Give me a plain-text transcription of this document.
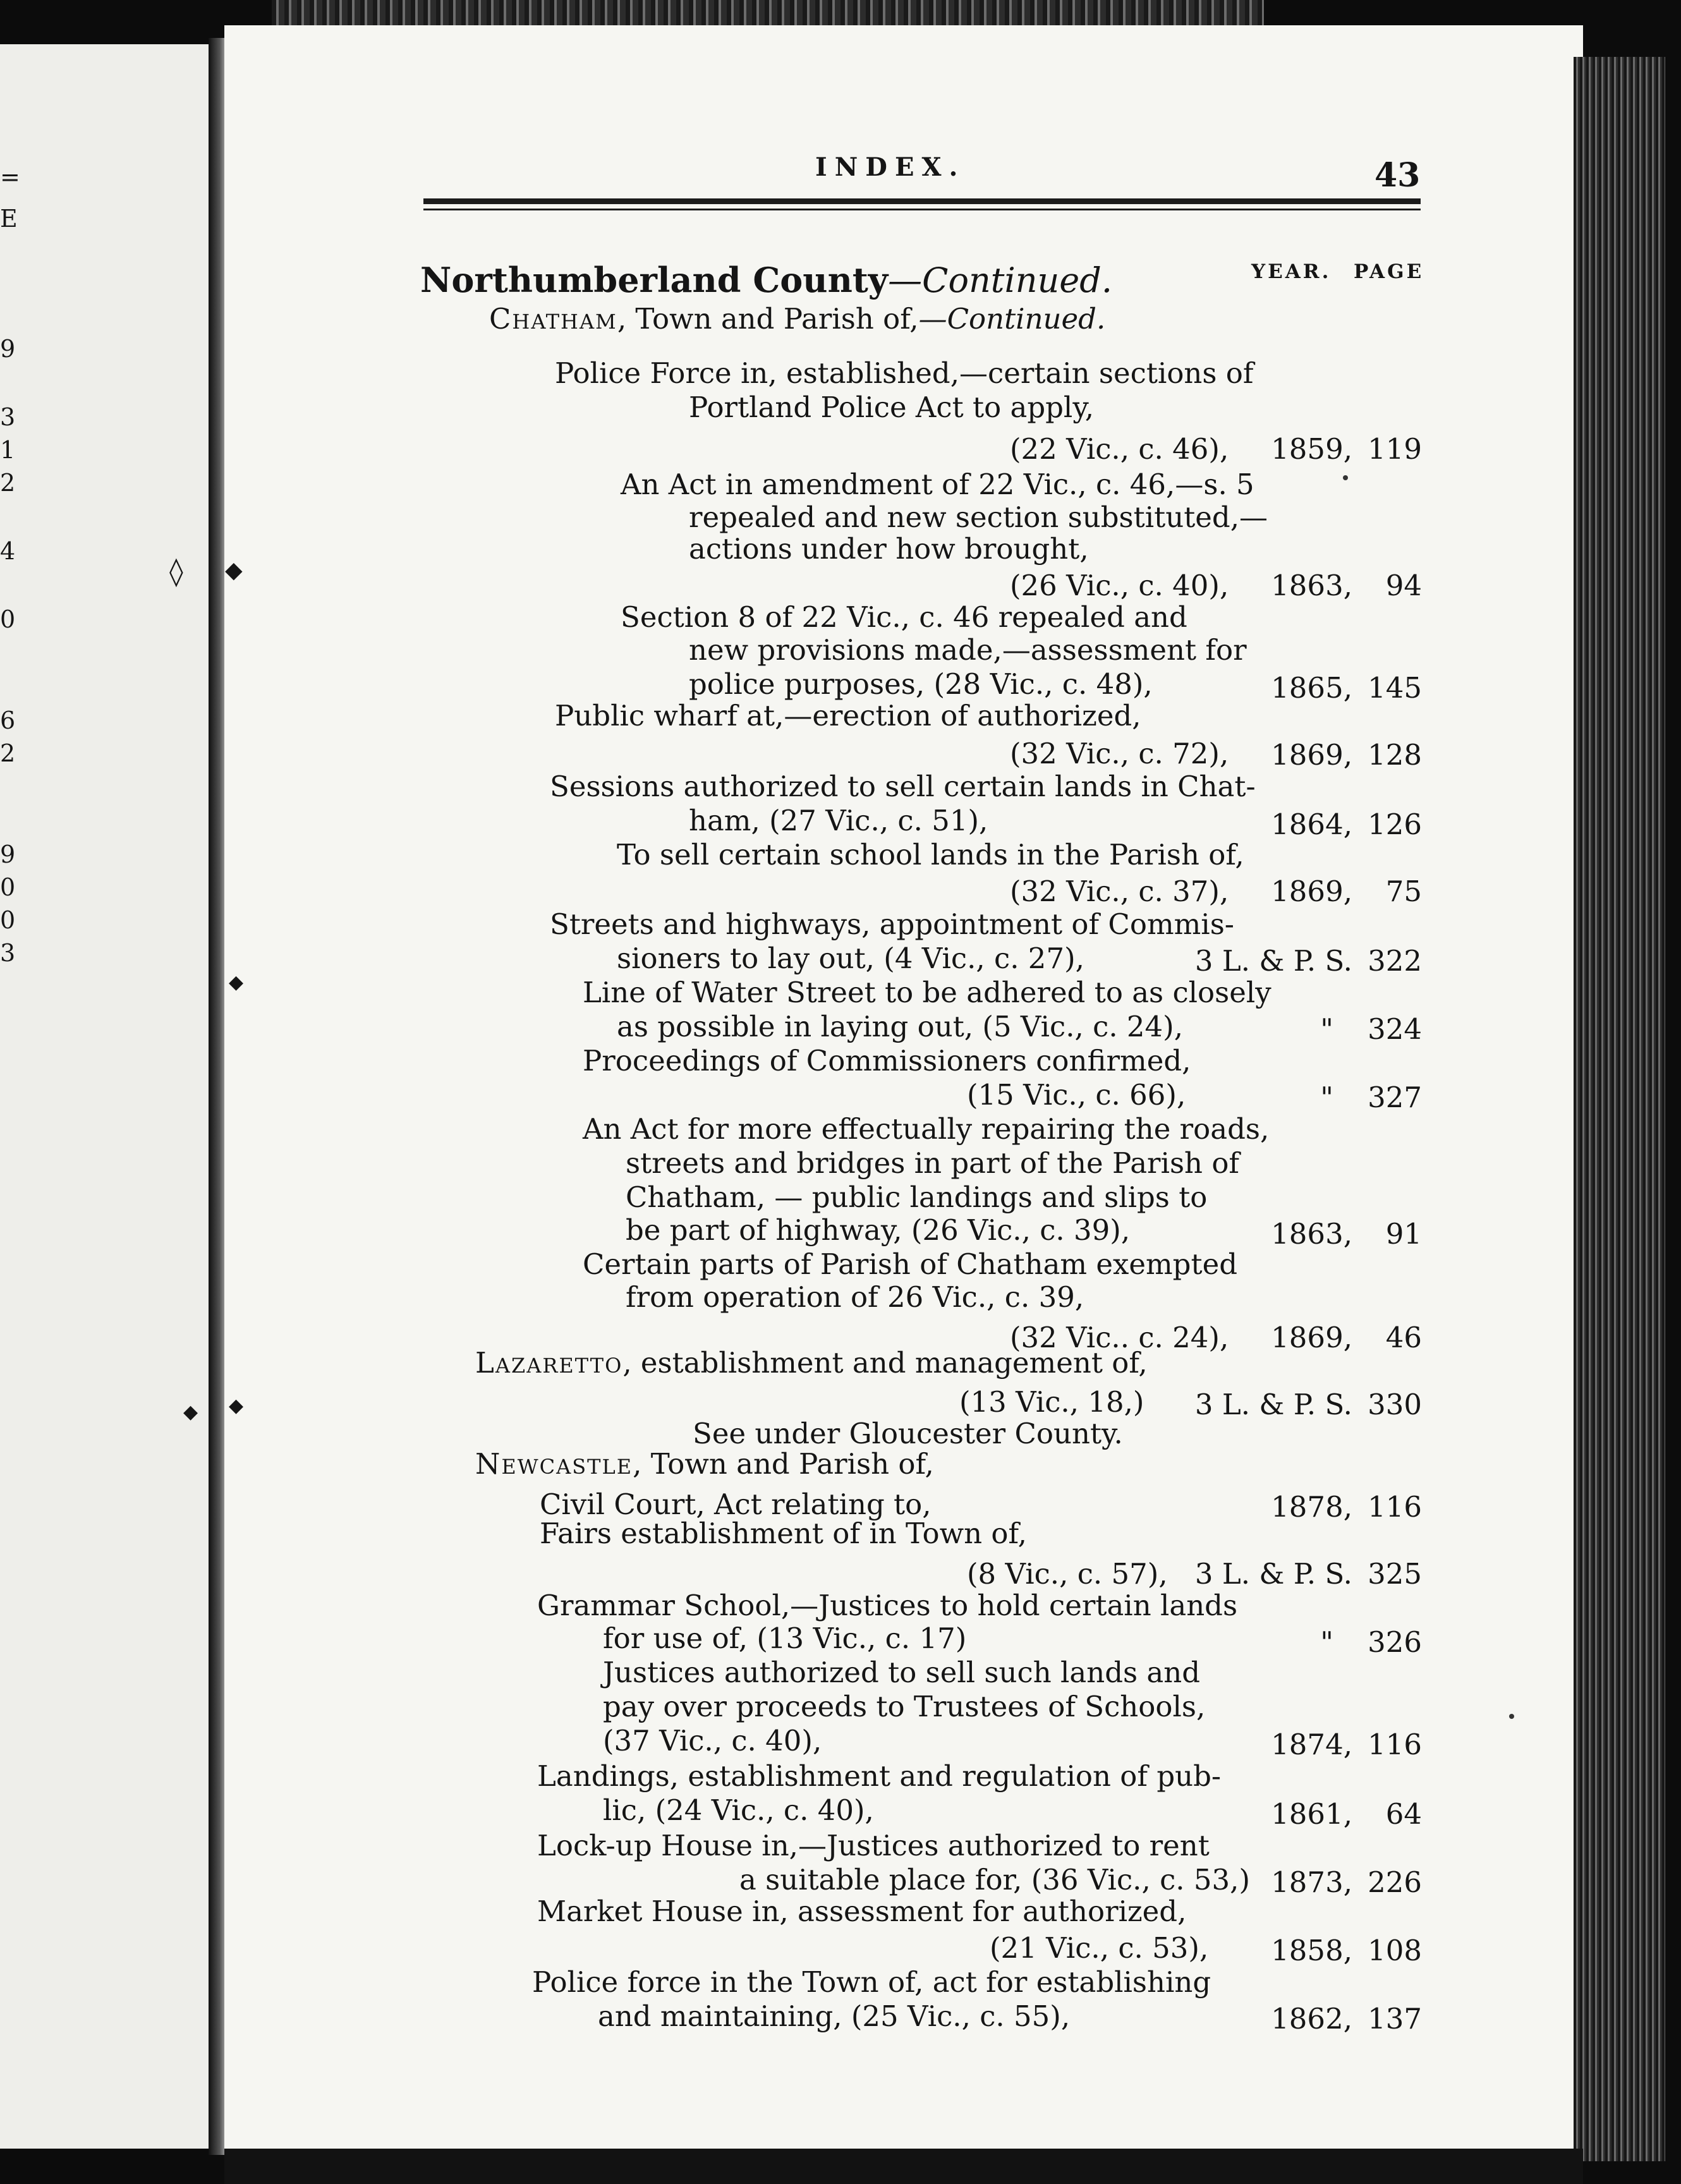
=
E
9
3
1
2
4
0
6
2
9
0
0
3
◊ ◆
◆
◆ ◆
INDEX.	43
YEAR. PAGE
Northumberland County—Continued.
Chatham, Town and Parish of,—Continued.
Police Force in, established,—certain sections of
Portland Police Act to apply,
(22 Vic., c. 46),	1859, 119
An Act in amendment of 22 Vic., c. 46,—s. 5
repealed and new section substituted,—
actions under how brought,
(26 Vic., c. 40),	1863,	94
Section 8 of 22 Vic., c. 46 repealed and
new provisions made,—assessment for
police purposes, (28 Vic., c. 48),	1865, 145
Public wharf at,—erection of authorized,
(32 Vic., c. 72),	1869, 128
Sessions authorized to sell certain lands in Chat-
ham, (27 Vic., c. 51),	1864, 126
To sell certain school lands in the Parish of,
(32 Vic., c. 37),	1869,	75
Streets and highways, appointment of Commis-
sioners to lay out, (4 Vic., c. 27),	3 L. & P. S. 322
Line of Water Street to be adhered to as closely
as possible in laying out, (5 Vic., c. 24),	"	324
Proceedings of Commissioners confirmed,
(15 Vic., c. 66),	"	327
An Act for more effectually repairing the roads,
streets and bridges in part of the Parish of
Chatham, — public landings and slips to
be part of highway, (26 Vic., c. 39),	1863,	91
Certain parts of Parish of Chatham exempted
from operation of 26 Vic., c. 39,
(32 Vic.. c. 24),	1869,	46
Lazaretto, establishment and management of,
(13 Vic., 18,)	3 L. & P. S. 330
See under Gloucester County.
Newcastle, Town and Parish of,
Civil Court, Act relating to,	1878, 116
Fairs establishment of in Town of,
(8 Vic., c. 57), 3 L. & P. S. 325
Grammar School,—Justices to hold certain lands
for use of, (13 Vic., c. 17)	"	326
Justices authorized to sell such lands and
pay over proceeds to Trustees of Schools,
(37 Vic., c. 40),	1874, 116
Landings, establishment and regulation of pub-
lic, (24 Vic., c. 40),	1861,	64
Lock-up House in,—Justices authorized to rent
a suitable place for, (36 Vic., c. 53,) 1873, 226
Market House in, assessment for authorized,
(21 Vic., c. 53),	1858, 108
Police force in the Town of, act for establishing
and maintaining, (25 Vic., c. 55),	1862, 137
